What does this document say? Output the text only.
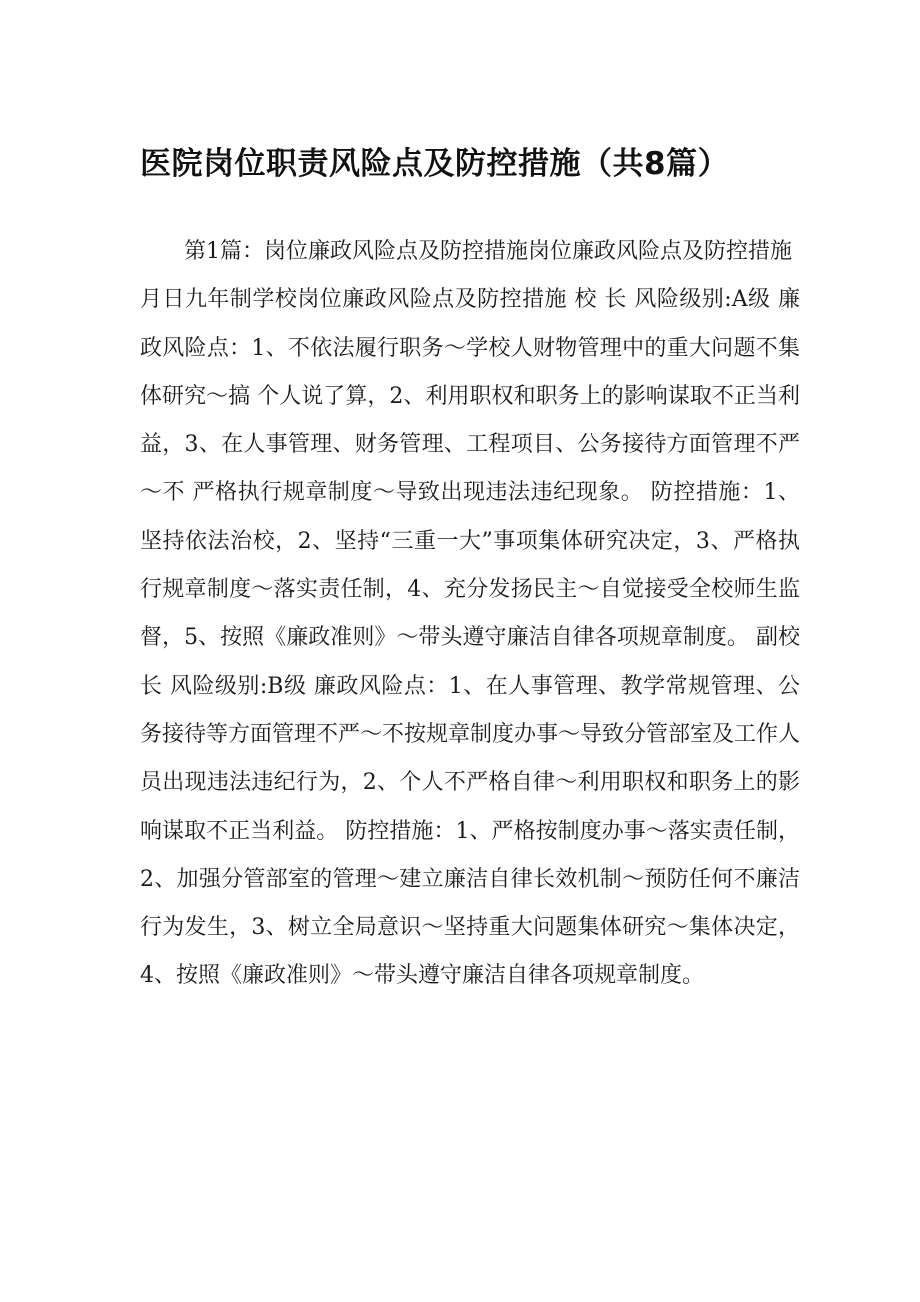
医院岗位职责风险点及防控措施（共8篇）

第1篇：岗位廉政风险点及防控措施岗位廉政风险点及防控措施

月日九年制学校岗位廉政风险点及防控措施 校 长 风险级别:A级 廉政风险点：1、不依法履行职务～学校人财物管理中的重大问题不集体研究～搞 个人说了算，2、利用职权和职务上的影响谋取不正当利益，3、在人事管理、财务管理、工程项目、公务接待方面管理不严～不 严格执行规章制度～导致出现违法违纪现象。 防控措施：1、坚持依法治校，2、坚持“三重一大”事项集体研究决定，3、严格执行规章制度～落实责任制，4、充分发扬民主～自觉接受全校师生监督，5、按照《廉政准则》～带头遵守廉洁自律各项规章制度。 副校长 风险级别:B级 廉政风险点：1、在人事管理、教学常规管理、公务接待等方面管理不严～不按规章制度办事～导致分管部室及工作人员出现违法违纪行为，2、个人不严格自律～利用职权和职务上的影响谋取不正当利益。 防控措施：1、严格按制度办事～落实责任制，2、加强分管部室的管理～建立廉洁自律长效机制～预防任何不廉洁行为发生，3、树立全局意识～坚持重大问题集体研究～集体决定，4、按照《廉政准则》～带头遵守廉洁自律各项规章制度。
